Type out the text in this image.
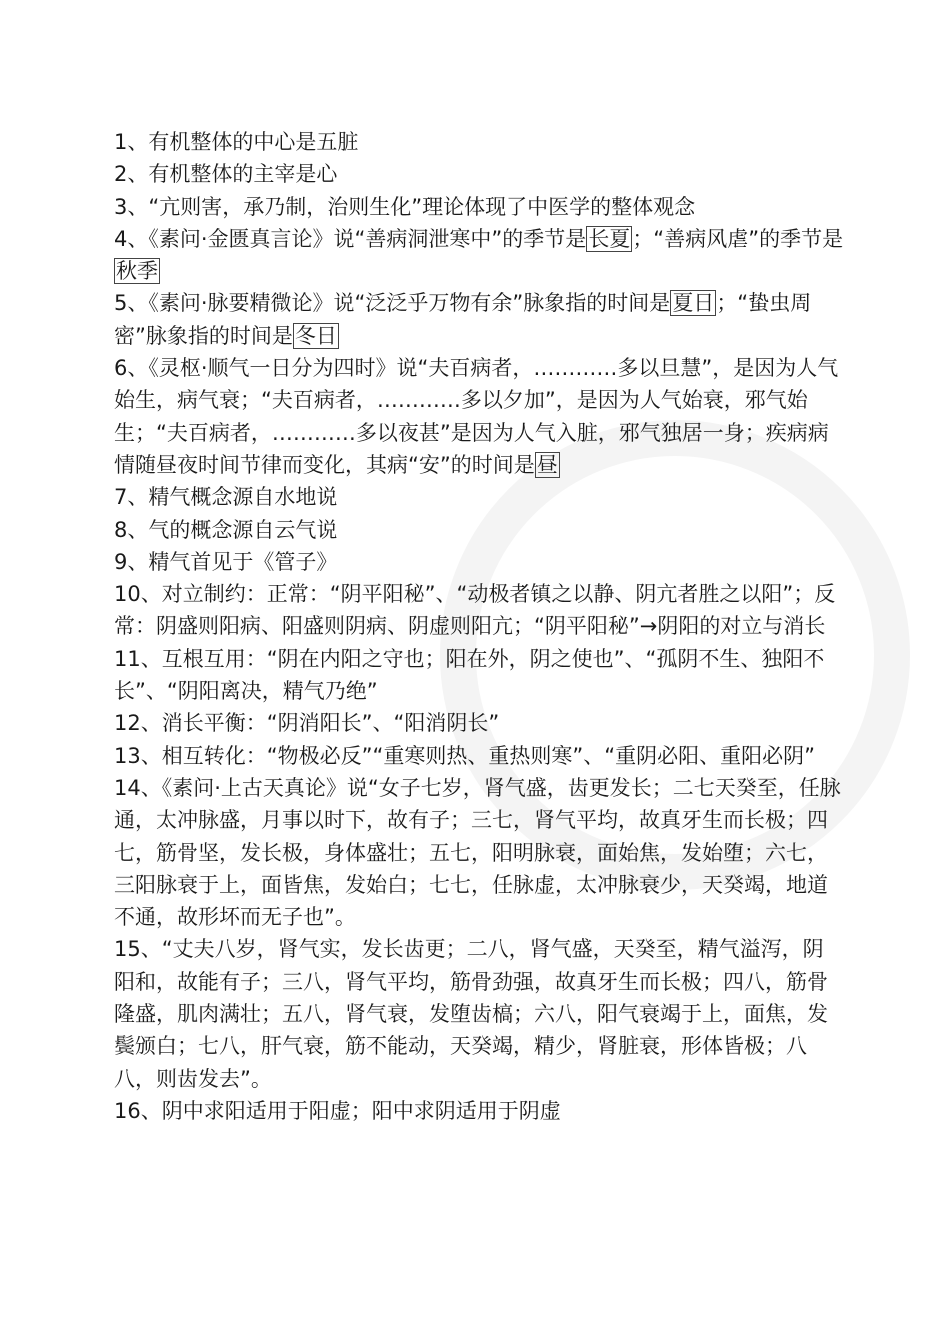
1、有机整体的中心是五脏

2、有机整体的主宰是心

3、“亢则害，承乃制，治则生化”理论体现了中医学的整体观念

4、《素问·金匮真言论》说“善病洞泄寒中”的季节是长夏；“善病风虐”的季节是秋季

5、《素问·脉要精微论》说“泛泛乎万物有余”脉象指的时间是夏日；“蛰虫周密”脉象指的时间是冬日

6、《灵枢·顺气一日分为四时》说“夫百病者，…………多以旦慧”，是因为人气始生，病气衰；“夫百病者，…………多以夕加”，是因为人气始衰，邪气始生；“夫百病者，…………多以夜甚”是因为人气入脏，邪气独居一身；疾病病情随昼夜时间节律而变化，其病“安”的时间是昼

7、精气概念源自水地说

8、气的概念源自云气说

9、精气首见于《管子》

10、对立制约：正常：“阴平阳秘”、“动极者镇之以静、阴亢者胜之以阳”；反常：阴盛则阳病、阳盛则阴病、阴虚则阳亢；“阴平阳秘”→阴阳的对立与消长

11、互根互用：“阴在内阳之守也；阳在外，阴之使也”、“孤阴不生、独阳不长”、“阴阳离决，精气乃绝”

12、消长平衡：“阴消阳长”、“阳消阴长”

13、相互转化：“物极必反”“重寒则热、重热则寒”、“重阴必阳、重阳必阴”

14、《素问·上古天真论》说“女子七岁，肾气盛，齿更发长；二七天癸至，任脉通，太冲脉盛，月事以时下，故有子；三七，肾气平均，故真牙生而长极；四七，筋骨坚，发长极，身体盛壮；五七，阳明脉衰，面始焦，发始堕；六七，三阳脉衰于上，面皆焦，发始白；七七，任脉虚，太冲脉衰少，天癸竭，地道不通，故形坏而无子也”。

15、“丈夫八岁，肾气实，发长齿更；二八，肾气盛，天癸至，精气溢泻，阴阳和，故能有子；三八，肾气平均，筋骨劲强，故真牙生而长极；四八，筋骨隆盛，肌肉满壮；五八，肾气衰，发堕齿槁；六八，阳气衰竭于上，面焦，发鬓颁白；七八，肝气衰，筋不能动，天癸竭，精少，肾脏衰，形体皆极；八八，则齿发去”。

16、阴中求阳适用于阳虚；阳中求阴适用于阴虚
